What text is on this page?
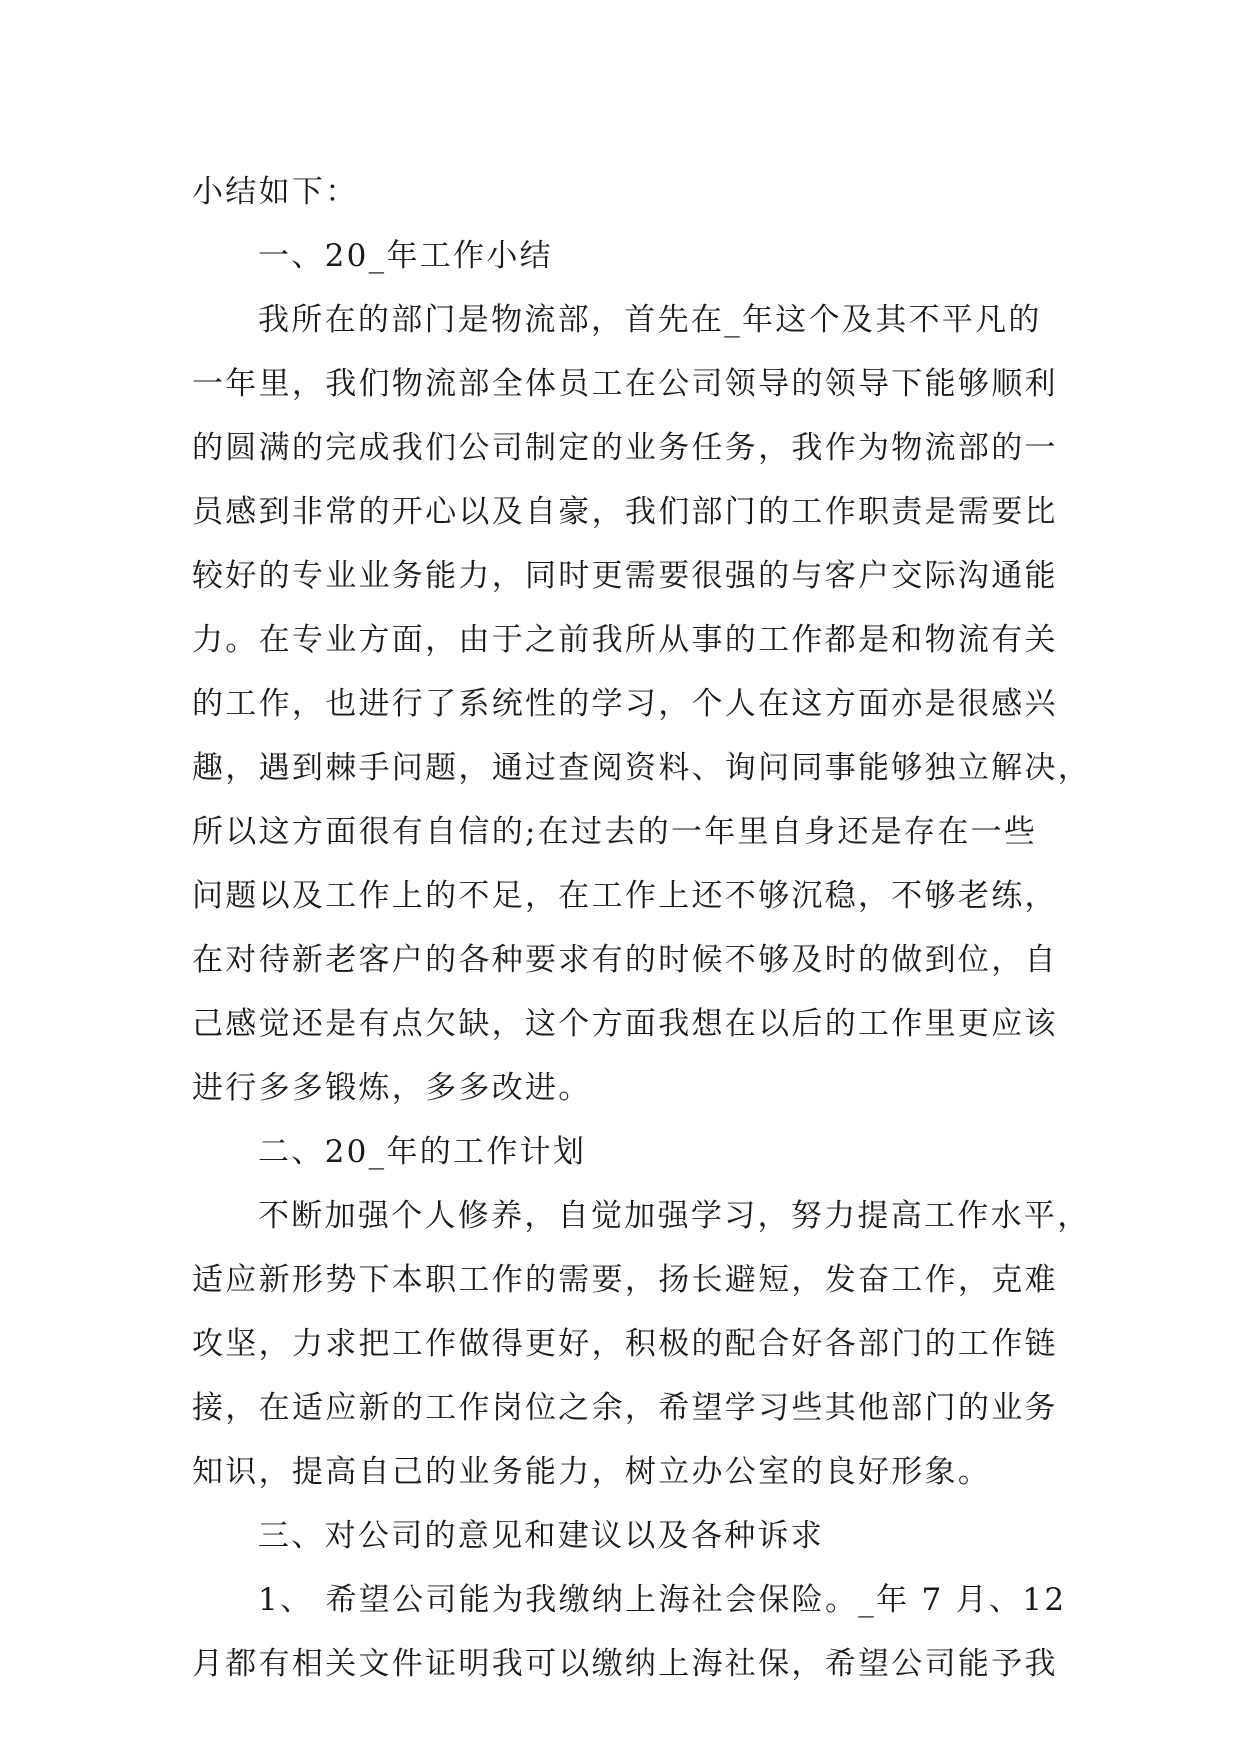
小结如下：
一、20_年工作小结
我所在的部门是物流部，首先在_年这个及其不平凡的
一年里，我们物流部全体员工在公司领导的领导下能够顺利
的圆满的完成我们公司制定的业务任务，我作为物流部的一
员感到非常的开心以及自豪，我们部门的工作职责是需要比
较好的专业业务能力，同时更需要很强的与客户交际沟通能
力。在专业方面，由于之前我所从事的工作都是和物流有关
的工作，也进行了系统性的学习，个人在这方面亦是很感兴
趣，遇到棘手问题，通过查阅资料、询问同事能够独立解决，
所以这方面很有自信的;在过去的一年里自身还是存在一些
问题以及工作上的不足，在工作上还不够沉稳，不够老练，
在对待新老客户的各种要求有的时候不够及时的做到位，自
己感觉还是有点欠缺，这个方面我想在以后的工作里更应该
进行多多锻炼，多多改进。
二、20_年的工作计划
不断加强个人修养，自觉加强学习，努力提高工作水平，
适应新形势下本职工作的需要，扬长避短，发奋工作，克难
攻坚，力求把工作做得更好，积极的配合好各部门的工作链
接，在适应新的工作岗位之余，希望学习些其他部门的业务
知识，提高自己的业务能力，树立办公室的良好形象。
三、对公司的意见和建议以及各种诉求
1、 希望公司能为我缴纳上海社会保险。_年 7 月、12
月都有相关文件证明我可以缴纳上海社保，希望公司能予我
